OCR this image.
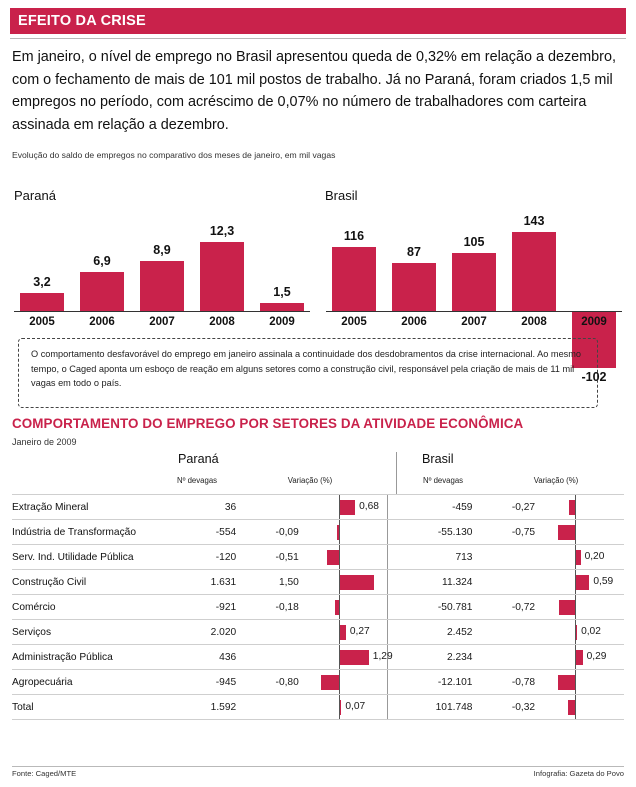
EFEITO DA CRISE

Em janeiro, o nível de emprego no Brasil apresentou queda de 0,32% em relação a dezembro, com o fechamento de mais de 101 mil postos de trabalho. Já no Paraná, foram criados 1,5 mil empregos no período, com acréscimo de 0,07% no número de trabalhadores com carteira assinada em relação a dezembro.

Evolução do saldo de empregos no comparativo dos meses de janeiro, em mil vagas
Paraná	Brasil
3,2
2005
6,9
2006
8,9
2007
12,3
2008
1,5
2009
116
2005
87
2006
105
2007
143
2008
-102
2009
O comportamento desfavorável do emprego em janeiro assinala a continuidade dos desdobramentos da crise internacional. Ao mesmo tempo, o Caged aponta um esboço de reação em alguns setores como a construção civil, responsável pela criação de mais de 11 mil vagas em todo o país.
COMPORTAMENTO DO EMPREGO POR SETORES DA ATIVIDADE ECONÔMICA
Janeiro de 2009
Paraná	Brasil
Nº devagas	Variação (%)	Nº devagas	Variação (%)
Extração Mineral	36		0,68		-459	-0,27	

Indústria de Transformação	-554	-0,09			-55.130	-0,75	

Serv. Ind. Utilidade Pública	-120	-0,51			713		0,20

Construção Civil	1.631	1,50			11.324		0,59

Comércio	-921	-0,18			-50.781	-0,72	

Serviços	2.020		0,27		2.452		0,02

Administração Pública	436		1,29		2.234		0,29

Agropecuária	-945	-0,80			-12.101	-0,78	

Total	1.592		0,07		101.748	-0,32	
Fonte: Caged/MTE	Infografia: Gazeta do Povo
